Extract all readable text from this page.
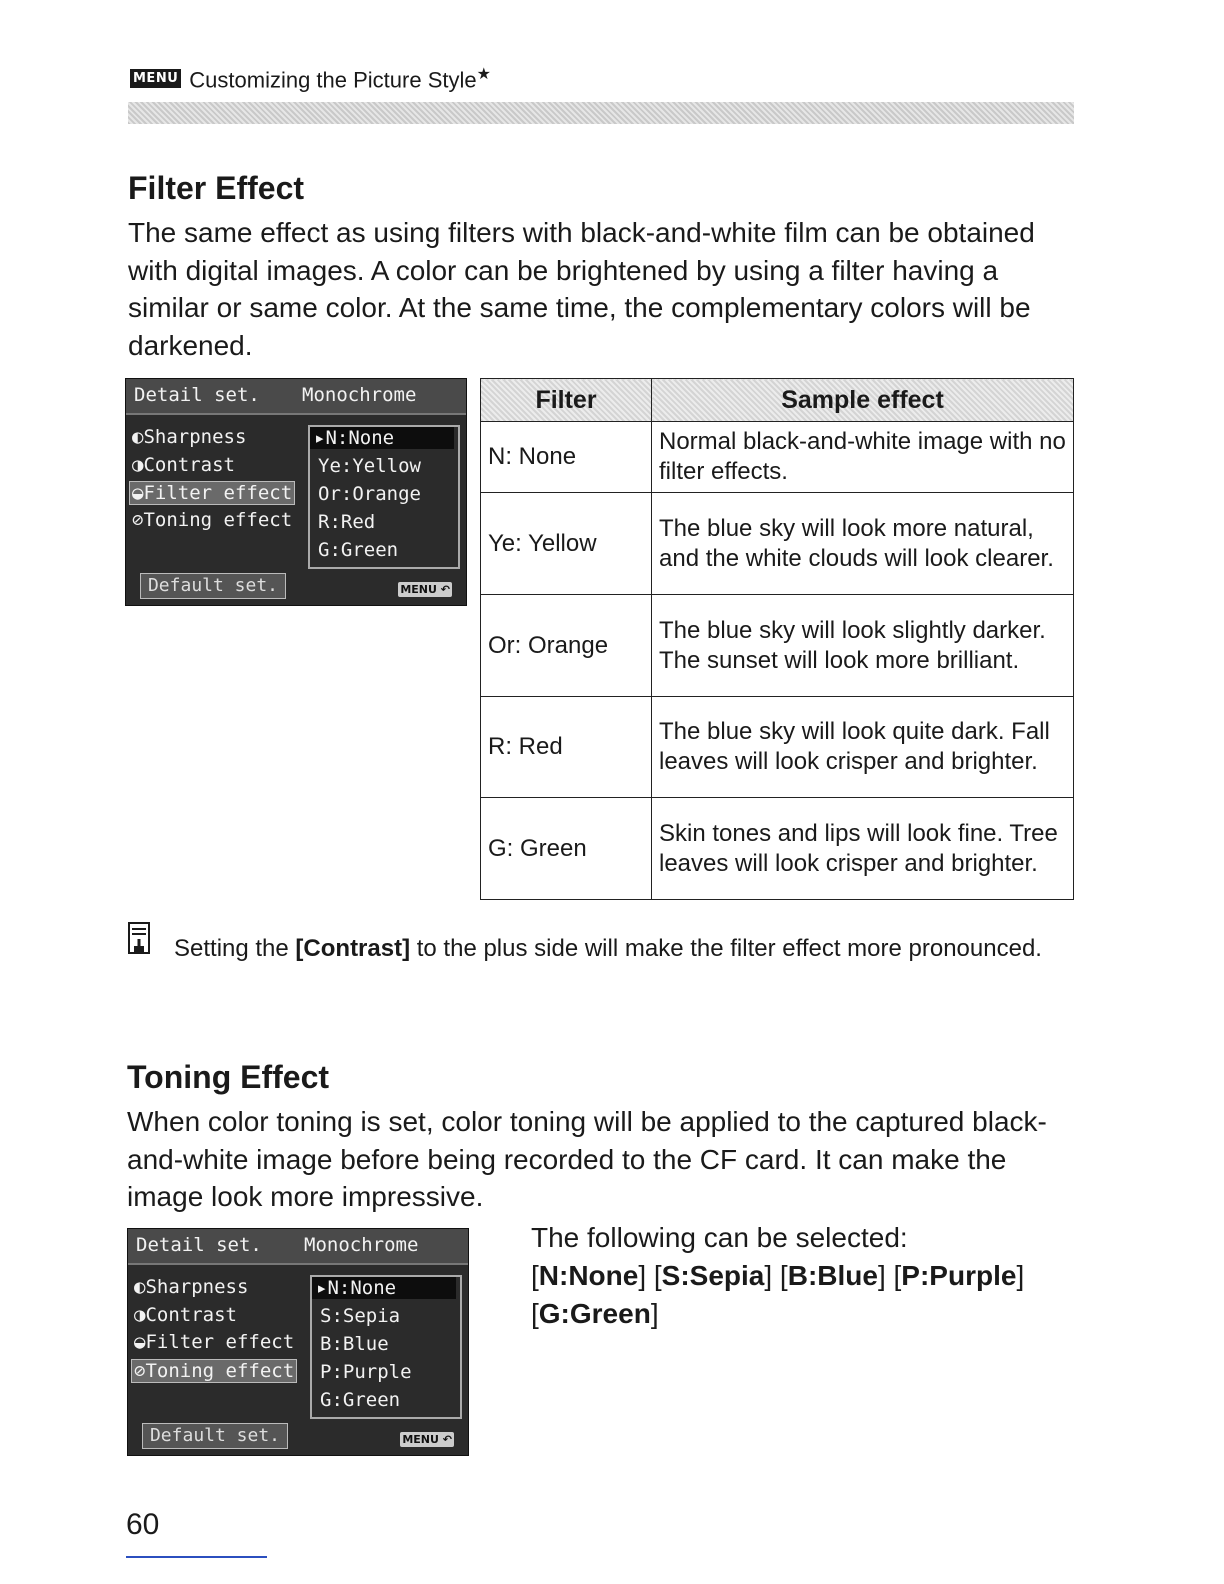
MENU Customizing the Picture Style★
Filter Effect

The same effect as using filters with black-and-white film can be obtained with digital images. A color can be brightened by using a filter having a similar or same color. At the same time, the complementary colors will be darkened.

Detail set. Monochrome
◐Sharpness
◑Contrast
◒Filter effect
⊘Toning effect
▸N:None
Ye:Yellow
Or:Orange
R:Red
G:Green
Default set.	MENU ↶
Filter	Sample effect
N: None	Normal black-and-white image with no filter effects.
Ye: Yellow	The blue sky will look more natural, and the white clouds will look clearer.
Or: Orange	The blue sky will look slightly darker. The sunset will look more brilliant.
R: Red	The blue sky will look quite dark. Fall leaves will look crisper and brighter.
G: Green	Skin tones and lips will look fine. Tree leaves will look crisper and brighter.

Setting the [Contrast] to the plus side will make the filter effect more pronounced.

Toning Effect

When color toning is set, color toning will be applied to the captured black-and-white image before being recorded to the CF card. It can make the image look more impressive.

Detail set. Monochrome
◐Sharpness
◑Contrast
◒Filter effect
⊘Toning effect
▸N:None
S:Sepia
B:Blue
P:Purple
G:Green
Default set.	MENU ↶

The following can be selected:
[N:None] [S:Sepia] [B:Blue] [P:Purple]
[G:Green]

60
